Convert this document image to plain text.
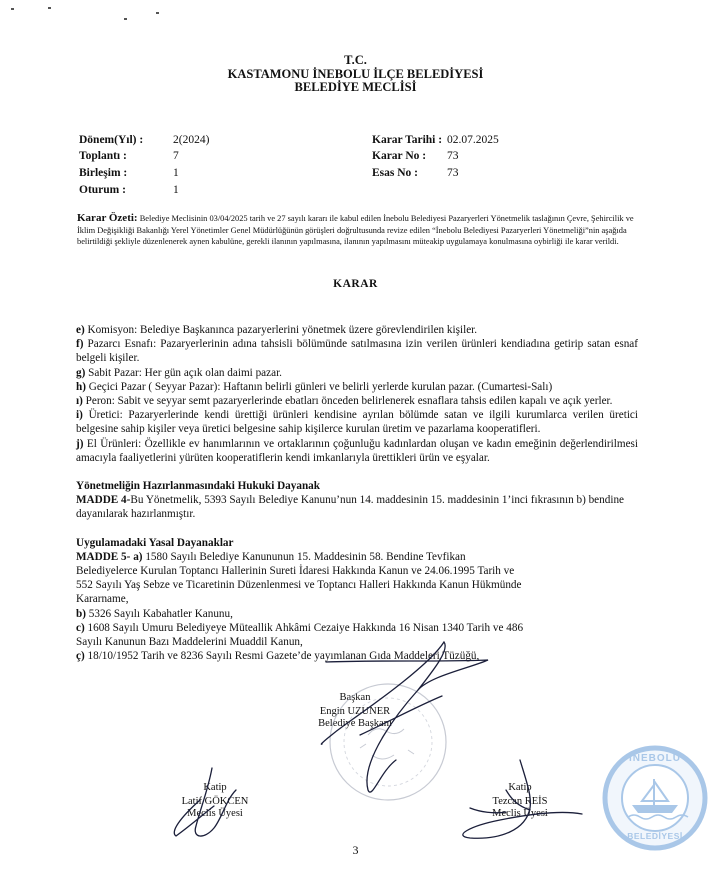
T.C.
KASTAMONU İNEBOLU İLÇE BELEDİYESİ
BELEDİYE MECLİSİ
Dönem(Yıl) :	2(2024)
Toplantı :	7
Birleşim :	1
Oturum :	1
Karar Tarihi : 02.07.2025
Karar No : 73
Esas No :	73
Karar Özeti: Belediye Meclisinin 03/04/2025 tarih ve 27 sayılı kararı ile kabul edilen İnebolu Belediyesi Pazaryerleri Yönetmelik taslağının Çevre, Şehircilik ve İklim Değişikliği Bakanlığı Yerel Yönetimler Genel Müdürlüğünün görüşleri doğrultusunda revize edilen “İnebolu Belediyesi Pazaryerleri Yönetmeliği”nin aşağıda belirtildiği şekliyle düzenlenerek aynen kabulüne, gerekli ilanının yapılmasına, ilanının yapılmasını müteakip uygulamaya konulmasına oybirliği ile karar verildi.
KARAR

e) Komisyon: Belediye Başkanınca pazaryerlerini yönetmek üzere görevlendirilen kişiler.

f) Pazarcı Esnafı: Pazaryerlerinin adına tahsisli bölümünde satılmasına izin verilen ürünleri kendiadına getirip satan esnaf belgeli kişiler.

g) Sabit Pazar: Her gün açık olan daimi pazar.

h) Geçici Pazar ( Seyyar Pazar): Haftanın belirli günleri ve belirli yerlerde kurulan pazar. (Cumartesi-Salı)

ı) Peron: Sabit ve seyyar semt pazaryerlerinde ebatları önceden belirlenerek esnaflara tahsis edilen kapalı ve açık yerler.

i) Üretici: Pazaryerlerinde kendi ürettiği ürünleri kendisine ayrılan bölümde satan ve ilgili kurumlarca verilen üretici belgesine sahip kişiler veya üretici belgesine sahip kişilerce kurulan üretim ve pazarlama kooperatifleri.

j) El Ürünleri: Özellikle ev hanımlarının ve ortaklarının çoğunluğu kadınlardan oluşan ve kadın emeğinin değerlendirilmesi amacıyla faaliyetlerini yürüten kooperatiflerin kendi imkanlarıyla ürettikleri ürün ve eşyalar.

Yönetmeliğin Hazırlanmasındaki Hukuki Dayanak

MADDE 4-Bu Yönetmelik, 5393 Sayılı Belediye Kanunu’nun 14. maddesinin 15. maddesinin 1’inci fıkrasının b) bendine dayanılarak hazırlanmıştır.

Uygulamadaki Yasal Dayanaklar

MADDE 5- a) 1580 Sayılı Belediye Kanununun 15. Maddesinin 58. Bendine Tevfikan Belediyelerce Kurulan Toptancı Hallerinin Sureti İdaresi Hakkında Kanun ve 24.06.1995 Tarih ve 552 Sayılı Yaş Sebze ve Ticaretinin Düzenlenmesi ve Toptancı Halleri Hakkında Kanun Hükmünde Kararname,

b) 5326 Sayılı Kabahatler Kanunu,

c) 1608 Sayılı Umuru Belediyeye Müteallik Ahkâmi Cezaiye Hakkında 16 Nisan 1340 Tarih ve 486 Sayılı Kanunun Bazı Maddelerini Muaddil Kanun,

ç) 18/10/1952 Tarih ve 8236 Sayılı Resmi Gazete’de yayımlanan Gıda Maddeleri Tüzüğü,

Başkan
Engin UZUNER
Belediye Başkanı
Katip
Latif GÖKCEN
Meclis Üyesi
Katip
Tezcan REİS
Meclis Üyesi
İNEBOLU
BELEDİYESİ
3
